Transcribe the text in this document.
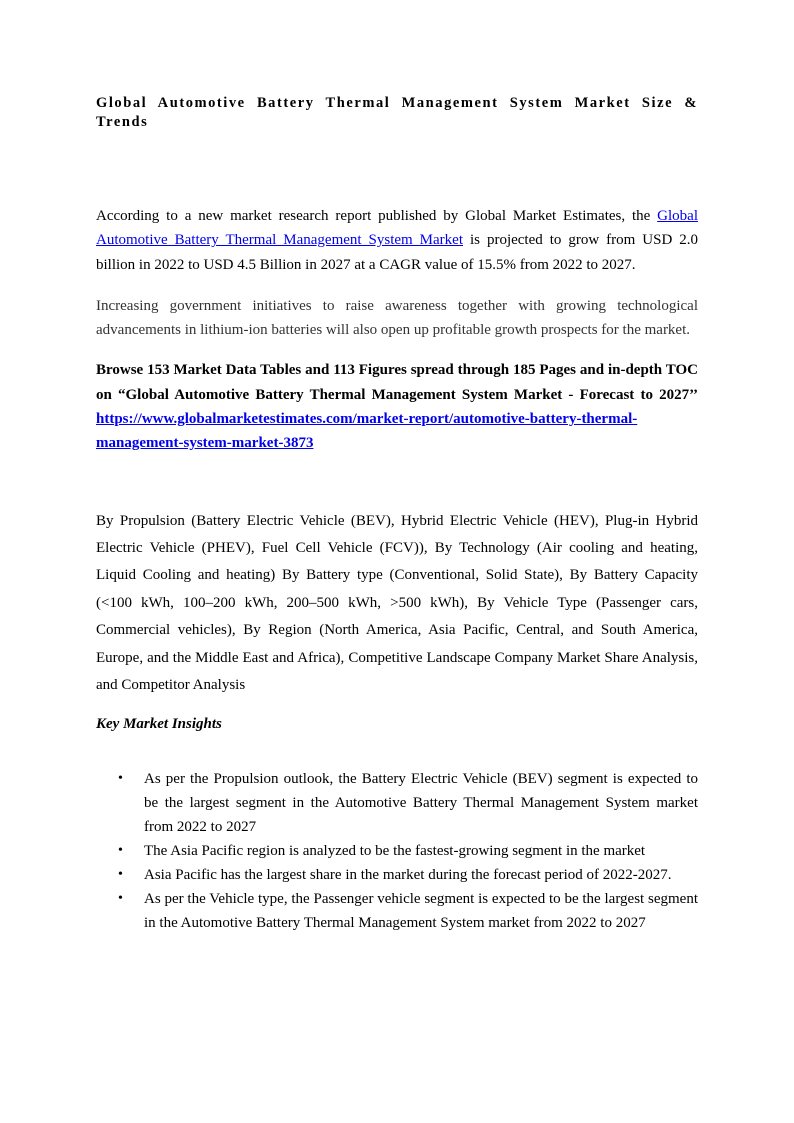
Global Automotive Battery Thermal Management System Market Size & Trends

According to a new market research report published by Global Market Estimates, the Global Automotive Battery Thermal Management System Market is projected to grow from USD 2.0 billion in 2022 to USD 4.5 Billion in 2027 at a CAGR value of 15.5% from 2022 to 2027.

Increasing government initiatives to raise awareness together with growing technological advancements in lithium-ion batteries will also open up profitable growth prospects for the market.

Browse 153 Market Data Tables and 113 Figures spread through 185 Pages and in-depth TOC on “Global Automotive Battery Thermal Management System Market - Forecast to 2027’’ https://www.globalmarketestimates.com/market-report/automotive-battery-thermal-management-system-market-3873

By Propulsion (Battery Electric Vehicle (BEV), Hybrid Electric Vehicle (HEV), Plug-in Hybrid Electric Vehicle (PHEV), Fuel Cell Vehicle (FCV)), By Technology (Air cooling and heating, Liquid Cooling and heating) By Battery type (Conventional, Solid State), By Battery Capacity (<100 kWh, 100–200 kWh, 200–500 kWh, >500 kWh), By Vehicle Type (Passenger cars, Commercial vehicles), By Region (North America, Asia Pacific, Central, and South America, Europe, and the Middle East and Africa), Competitive Landscape Company Market Share Analysis, and Competitor Analysis

Key Market Insights
• As per the Propulsion outlook, the Battery Electric Vehicle (BEV) segment is expected to be the largest segment in the Automotive Battery Thermal Management System market from 2022 to 2027
• The Asia Pacific region is analyzed to be the fastest-growing segment in the market
• Asia Pacific has the largest share in the market during the forecast period of 2022-2027.
• As per the Vehicle type, the Passenger vehicle segment is expected to be the largest segment in the Automotive Battery Thermal Management System market from 2022 to 2027
